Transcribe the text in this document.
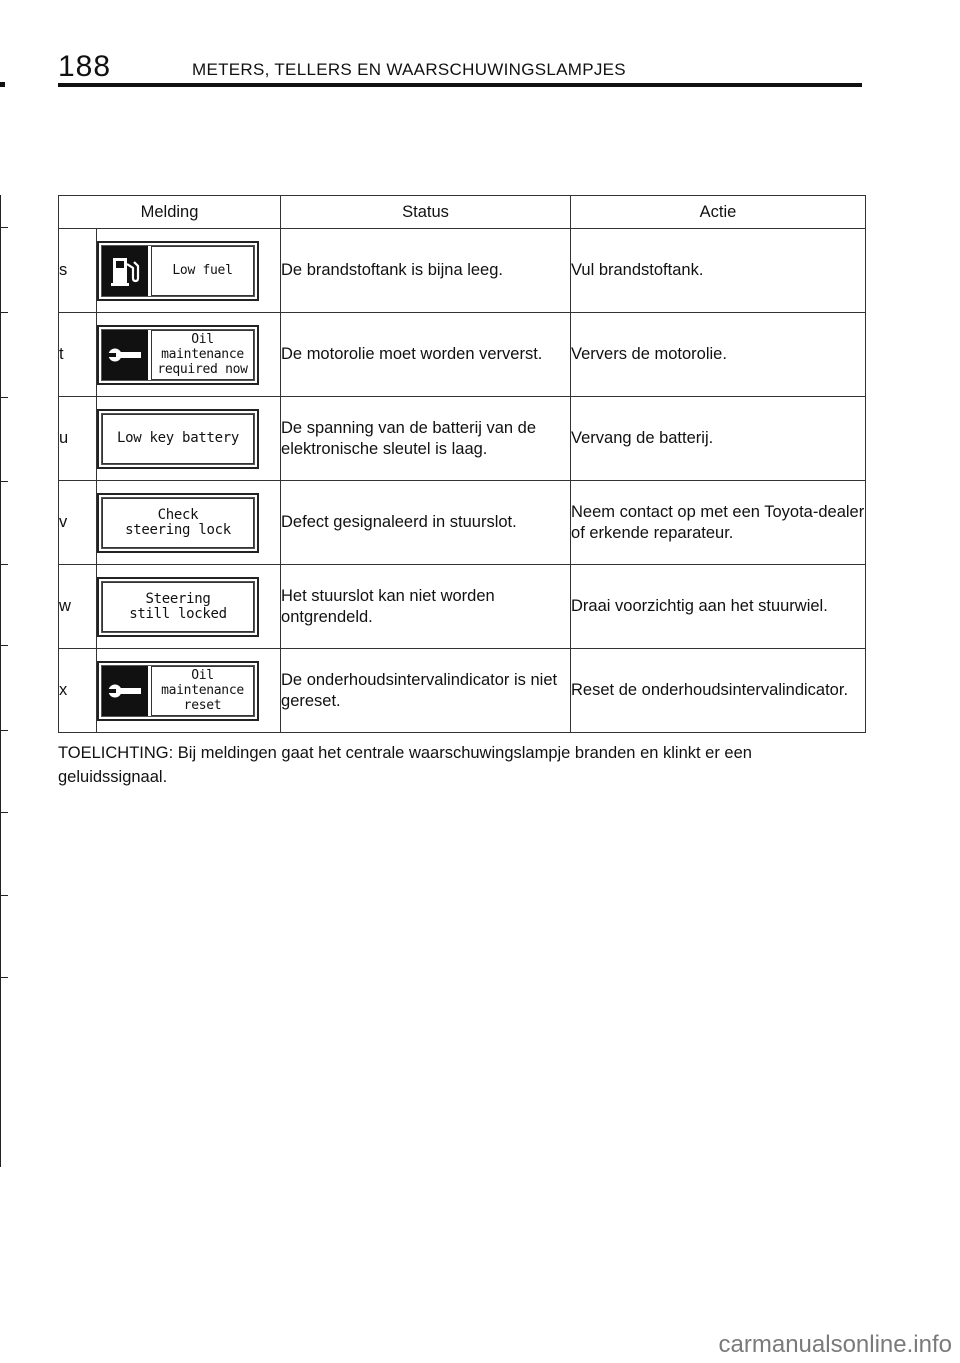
188	METERS, TELLERS EN WAARSCHUWINGSLAMPJES
Melding		Status	Actie
s	Low fuel	De brandstoftank is bijna leeg.	Vul brandstoftank.
t	Oil
maintenance
required now	De motorolie moet worden ververst.	Ververs de motorolie.
u	Low key battery	De spanning van de batterij van de elektronische sleutel is laag.	Vervang de batterij.
v	Check
steering lock	Defect gesignaleerd in stuurslot.	Neem contact op met een Toyota-dealer of erkende reparateur.
w	Steering
still locked	Het stuurslot kan niet worden ontgrendeld.	Draai voorzichtig aan het stuurwiel.
x	Oil
maintenance
reset	De onderhoudsintervalindicator is niet gereset.	Reset de onderhoudsintervalindicator.
TOELICHTING: Bij meldingen gaat het centrale waarschuwingslampje branden en klinkt er een geluidssignaal.
carmanualsonline.info
